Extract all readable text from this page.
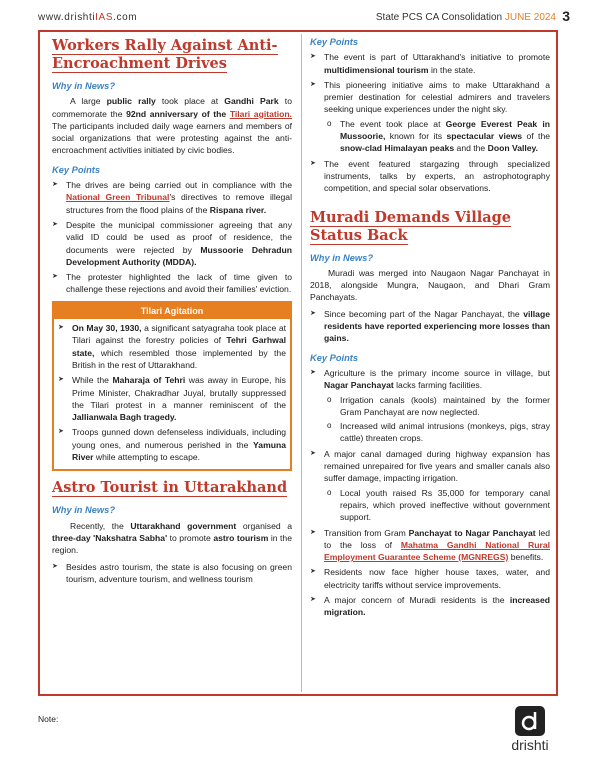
www.drishtiIAS.com	State PCS CA Consolidation JUNE 2024 3
Workers Rally Against Anti-Encroachment Drives
Why in News?

A large public rally took place at Gandhi Park to commemorate the 92nd anniversary of the Tilari agitation. The participants included daily wage earners and members of social organizations that were protesting against the anti-encroachment activities initiated by civic bodies.

Key Points
➤ The drives are being carried out in compliance with the National Green Tribunal's directives to remove illegal structures from the flood plains of the Rispana river.
➤ Despite the municipal commissioner agreeing that any valid ID could be used as proof of residence, the documents were rejected by Mussoorie Dehradun Development Authority (MDDA).
➤ The protester highlighted the lack of time given to challenge these rejections and avoid their families' eviction.
Tilari Agitation
➤ On May 30, 1930, a significant satyagraha took place at Tilari against the forestry policies of Tehri Garhwal state, which resembled those implemented by the British in the rest of Uttarakhand.
➤ While the Maharaja of Tehri was away in Europe, his Prime Minister, Chakradhar Juyal, brutally suppressed the Tilari protest in a manner reminiscent of the Jallianwala Bagh tragedy.
➤ Troops gunned down defenseless individuals, including young ones, and numerous perished in the Yamuna River while attempting to escape.
Astro Tourist in Uttarakhand
Why in News?

Recently, the Uttarakhand government organised a three-day 'Nakshatra Sabha' to promote astro tourism in the region.

➤ Besides astro tourism, the state is also focusing on green tourism, adventure tourism, and wellness tourism
Key Points
➤ The event is part of Uttarakhand's initiative to promote multidimensional tourism in the state.
➤ This pioneering initiative aims to make Uttarakhand a premier destination for celestial admirers and travelers seeking unique experiences under the night sky.
o The event took place at George Everest Peak in Mussoorie, known for its spectacular views of the snow-clad Himalayan peaks and the Doon Valley.
➤ The event featured stargazing through specialized instruments, talks by experts, an astrophotography competition, and special solar observations.
Muradi Demands Village Status Back
Why in News?

Muradi was merged into Naugaon Nagar Panchayat in 2018, alongside Mungra, Naugaon, and Dhari Gram Panchayats.

➤ Since becoming part of the Nagar Panchayat, the village residents have reported experiencing more losses than gains.
Key Points
➤ Agriculture is the primary income source in village, but Nagar Panchayat lacks farming facilities.
o Irrigation canals (kools) maintained by the former Gram Panchayat are now neglected.
o Increased wild animal intrusions (monkeys, pigs, stray cattle) threaten crops.
➤ A major canal damaged during highway expansion has remained unrepaired for five years and smaller canals also suffer damage, impacting irrigation.
o Local youth raised Rs 35,000 for temporary canal repairs, which proved ineffective without government support.
➤ Transition from Gram Panchayat to Nagar Panchayat led to the loss of Mahatma Gandhi National Rural Employment Guarantee Scheme (MGNREGS) benefits.
➤ Residents now face higher house taxes, water, and electricity tariffs without service improvements.
➤ A major concern of Muradi residents is the increased migration.
Note:
drishti
